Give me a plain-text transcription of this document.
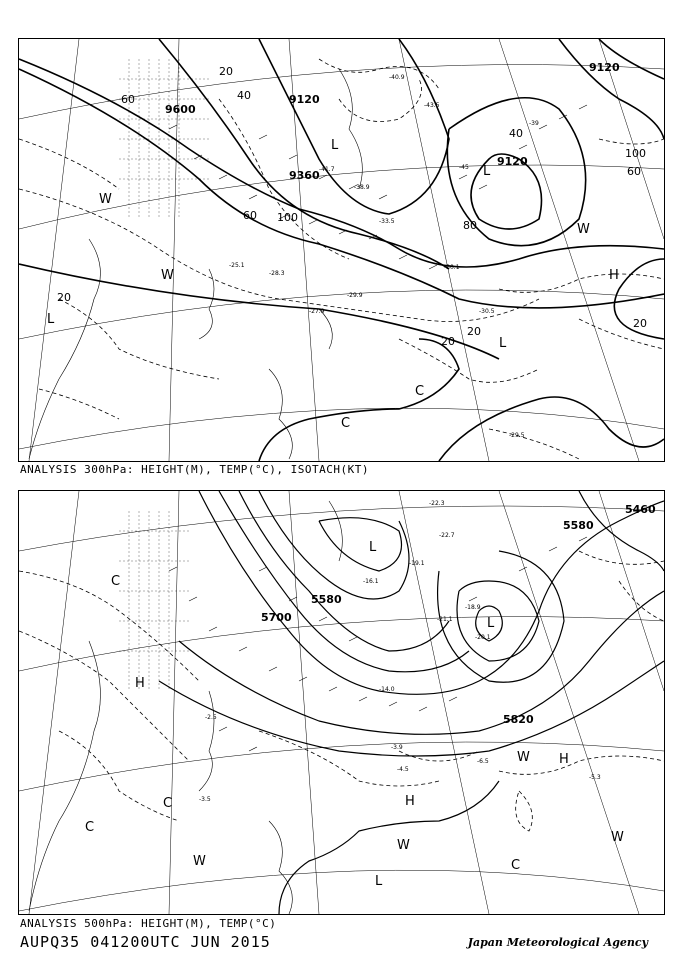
9600
9120
9360
9120
9120
20
40
60
40
60 100
80
20
20
20
20
100
60
-40.9
-45
-41.7
-38.9
-33.5
-29.9
-28.3
-30.1
-30.5
-27.9
-25.1
-29.5
-43.5
-39
L
L
L
L
H
W
W
W
C
C
ANALYSIS 300hPa: HEIGHT(M), TEMP(°C), ISOTACH(KT)
5700
5580
5580
5460
5820
-22.3
-22.7
-19.1
-16.1
-14.0
-18.9
-20.1
-21.1
-3.9
-4.5
-6.5
-5.3
-2.5
-3.5
L
L
L
H
H
H
W
W
W
W
C
C
C
C
ANALYSIS 500hPa: HEIGHT(M), TEMP(°C)
AUPQ35 041200UTC JUN 2015	Japan Meteorological Agency
